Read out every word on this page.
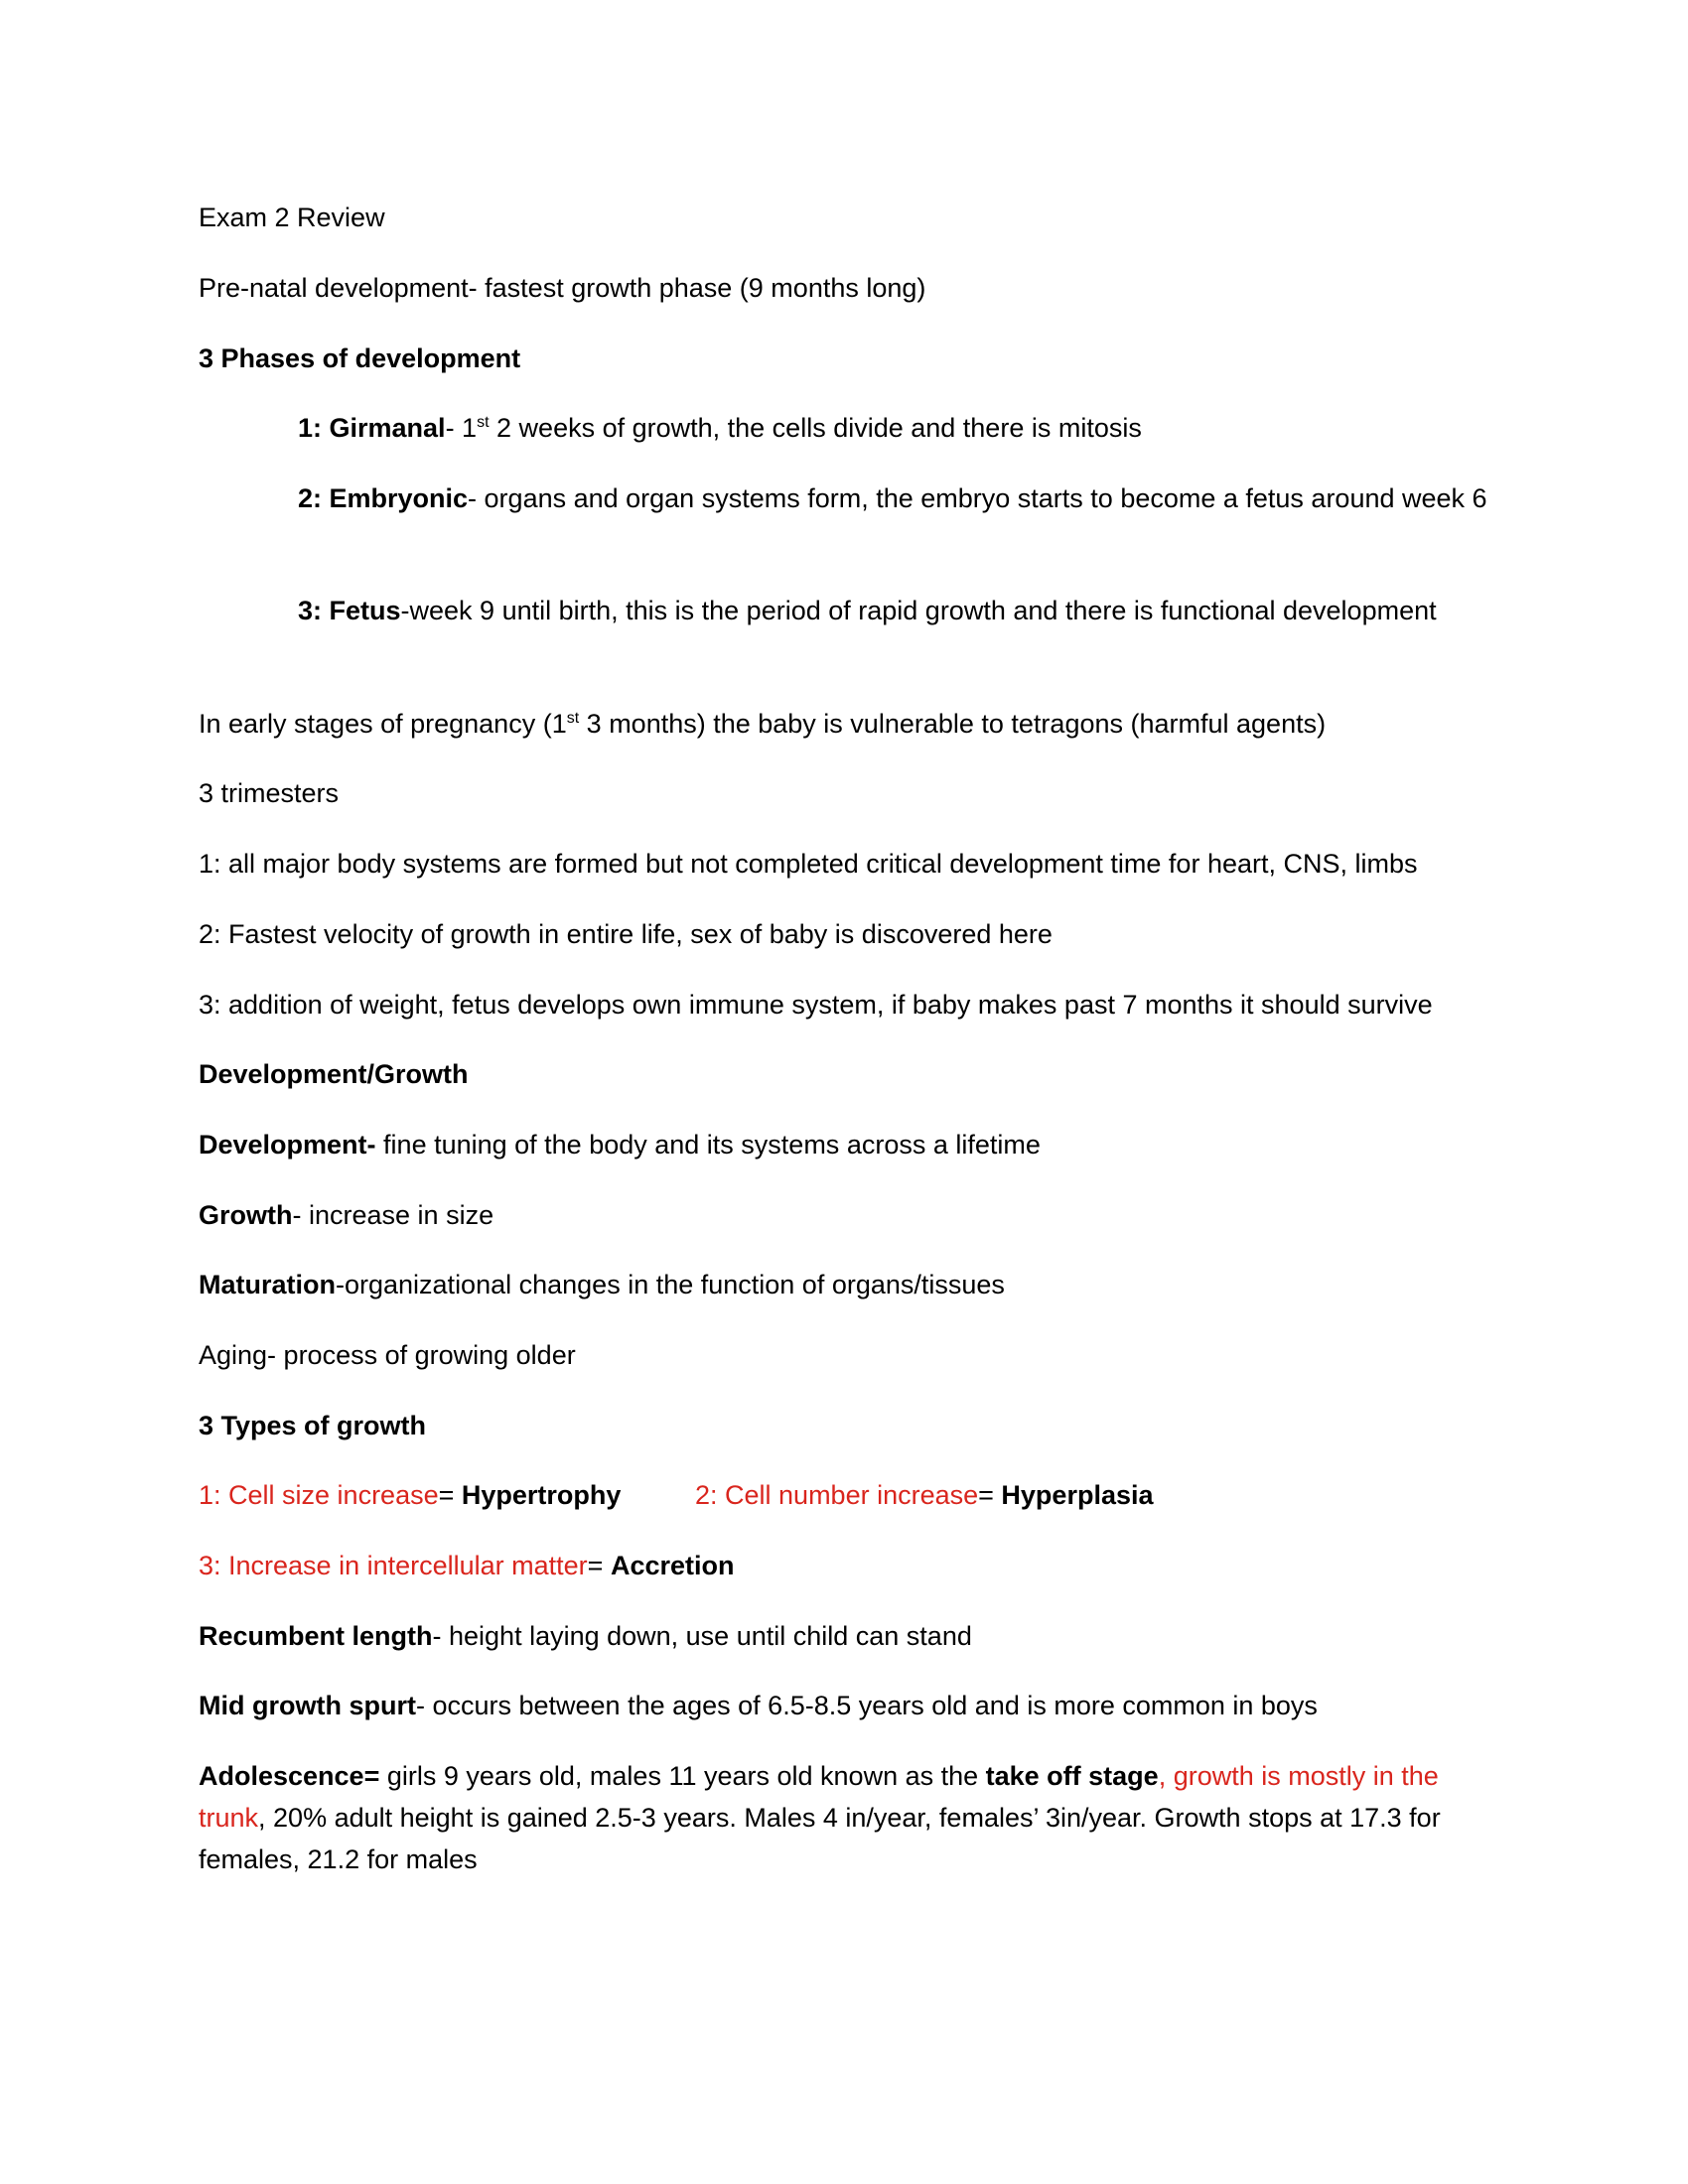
Exam 2 Review

Pre-natal development- fastest growth phase (9 months long)

3 Phases of development

1: Girmanal- 1st 2 weeks of growth, the cells divide and there is mitosis

2: Embryonic- organs and organ systems form, the embryo starts to become a fetus around week 6

3: Fetus-week 9 until birth, this is the period of rapid growth and there is functional development

In early stages of pregnancy (1st 3 months) the baby is vulnerable to tetragons (harmful agents)

3 trimesters

1: all major body systems are formed but not completed critical development time for heart, CNS, limbs

2: Fastest velocity of growth in entire life, sex of baby is discovered here

3: addition of weight, fetus develops own immune system, if baby makes past 7 months it should survive

Development/Growth

Development- fine tuning of the body and its systems across a lifetime

Growth- increase in size

Maturation-organizational changes in the function of organs/tissues

Aging- process of growing older

3 Types of growth

1: Cell size increase= Hypertrophy	2: Cell number increase= Hyperplasia

3: Increase in intercellular matter= Accretion

Recumbent length- height laying down, use until child can stand

Mid growth spurt- occurs between the ages of 6.5-8.5 years old and is more common in boys

Adolescence= girls 9 years old, males 11 years old known as the take off stage, growth is mostly in the trunk, 20% adult height is gained 2.5-3 years. Males 4 in/year, females’ 3in/year. Growth stops at 17.3 for females, 21.2 for males
